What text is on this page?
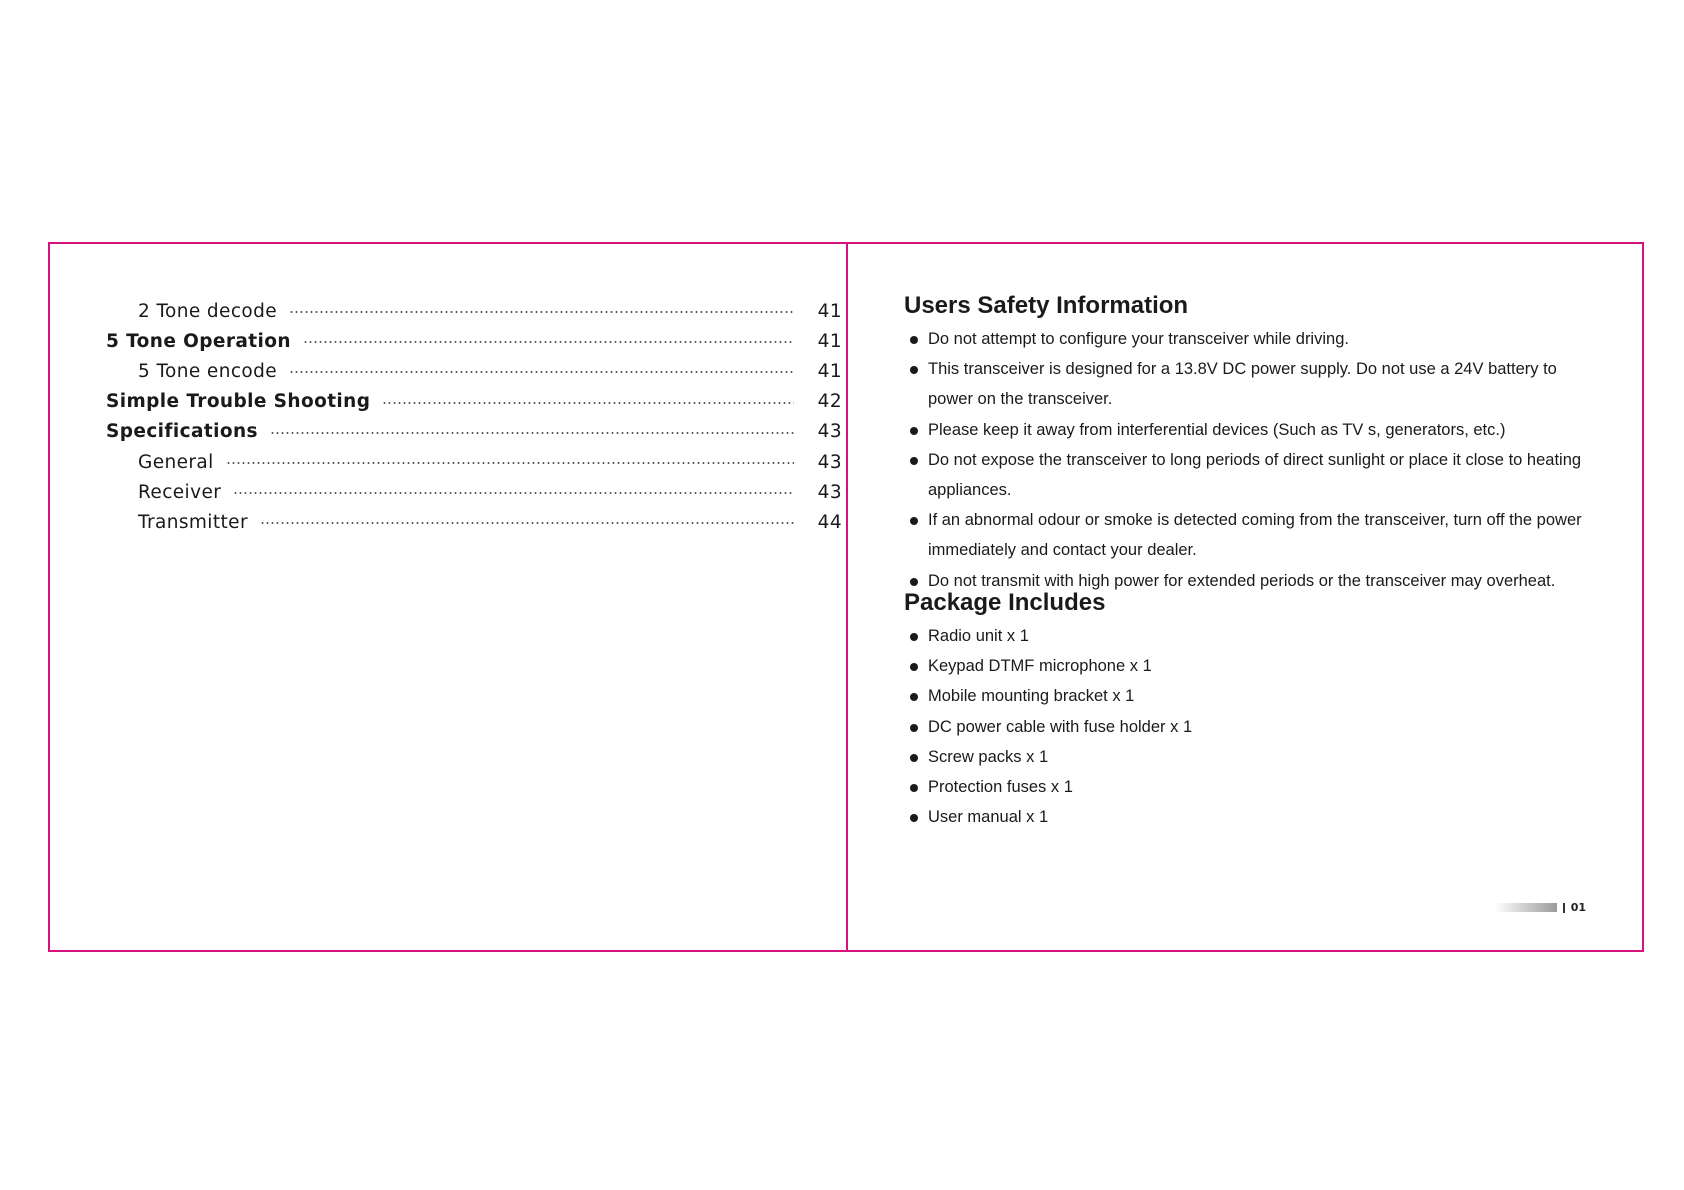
2 Tone decode	41
5 Tone Operation	41
5 Tone encode	41
Simple Trouble Shooting	42
Specifications	43
General	43
Receiver	43
Transmitter	44
Users Safety Information
Do not attempt to configure your transceiver while driving.
This transceiver is designed for a 13.8V DC power supply. Do not use a 24V battery to power on the transceiver.
Please keep it away from interferential devices (Such as TV s, generators, etc.)
Do not expose the transceiver to long periods of direct sunlight or place it close to heating appliances.
If an abnormal odour or smoke is detected coming from the transceiver, turn off the power immediately and contact your dealer.
Do not transmit with high power for extended periods or the transceiver may overheat.
Package Includes
Radio unit x 1
Keypad DTMF microphone x 1
Mobile mounting bracket x 1
DC power cable with fuse holder x 1
Screw packs x 1
Protection fuses x 1
User manual x 1
01
